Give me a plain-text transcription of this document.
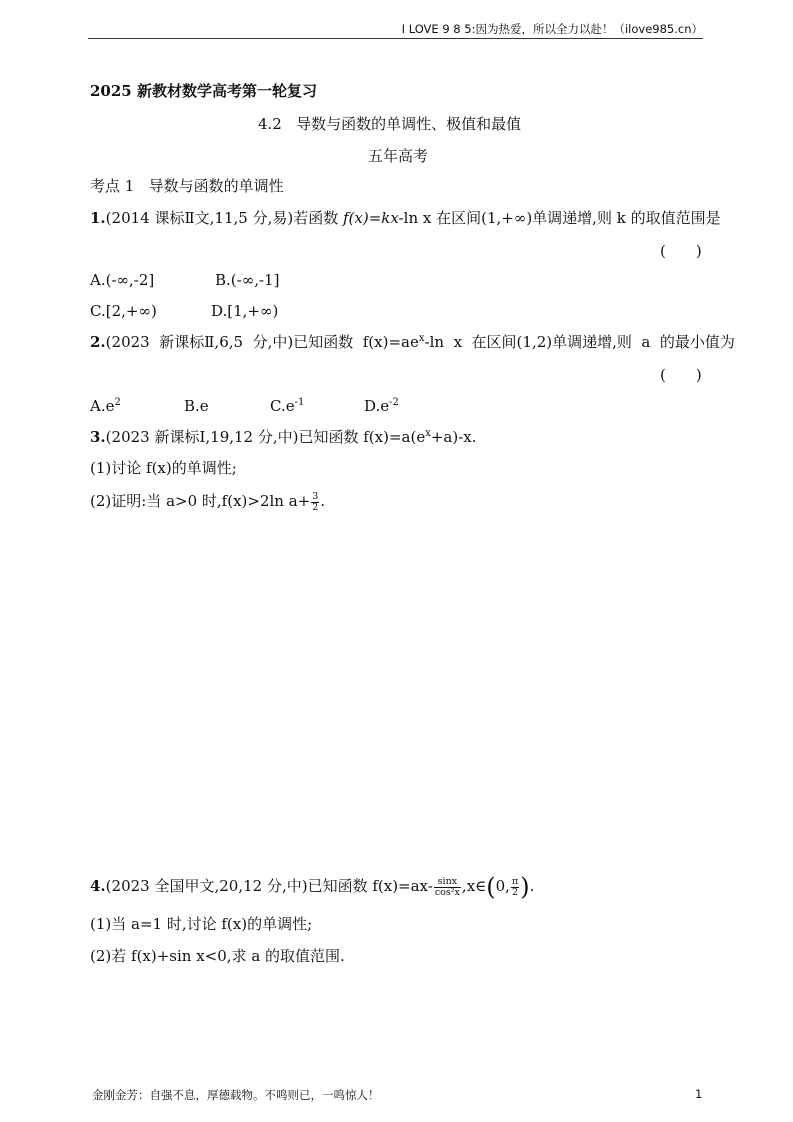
I LOVE 9 8 5:因为热爱，所以全力以赴！（ilove985.cn）
2025 新教材数学高考第一轮复习
4.2   导数与函数的单调性、极值和最值
五年高考
考点 1   导数与函数的单调性
1.(2014 课标Ⅱ文,11,5 分,易)若函数 f(x)=kx-ln x 在区间(1,+∞)单调递增,则 k 的取值范围是
(　　)
A.(-∞,-2]	B.(-∞,-1]
C.[2,+∞)	D.[1,+∞)
2.(2023  新课标Ⅱ,6,5  分,中)已知函数  $f(x)=ae^x-\ln$  x  在区间(1,2)单调递增,则  a  的最小值为
(　　)
$A.e^2$	B.e	$C.e^{-1}$	$D.e^{-2}$
3.(2023 新课标Ⅰ,19,12 分,中)已知函数 $f(x)=a(e^x+a)-x$.
(1)讨论 f(x)的单调性;
(2)证明:当 a>0 时,f(x)>2ln $a+ \frac{3}{2}$ .
4.(2023 全国甲文,20,12 分,中)已知函数 $f(x)=ax- \frac{\sin x}{\text{cos²x}}$ ,x∈(0, $\frac{\pi}{2}$ ).
(1)当 a=1 时,讨论 f(x)的单调性;
(2)若 f(x)+sin x<0,求 a 的取值范围.
金刚金芳：自强不息，厚德载物。不鸣则已，一鸣惊人！	1
